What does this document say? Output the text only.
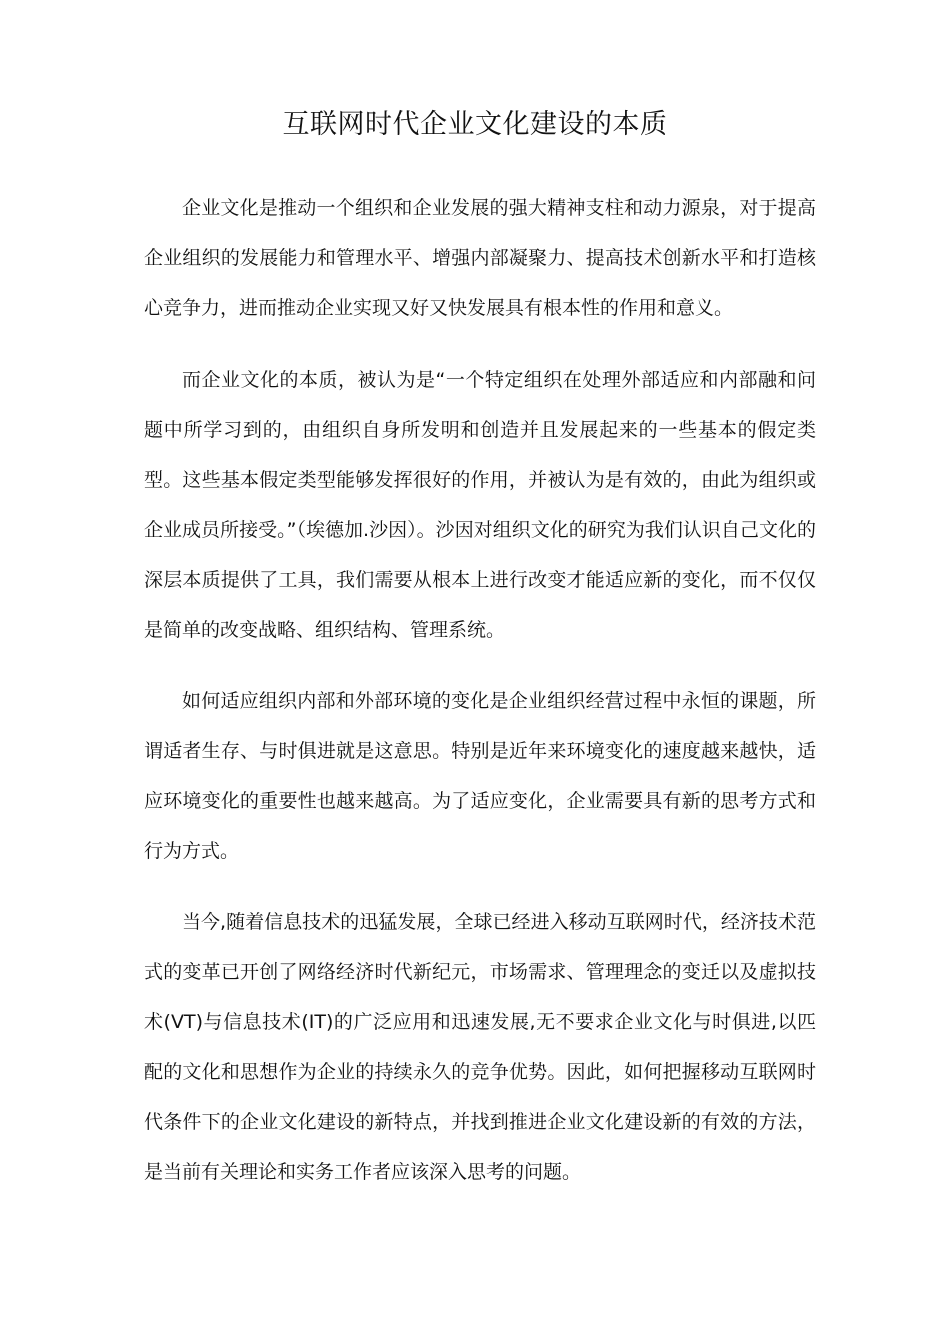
互联网时代企业文化建设的本质

企业文化是推动一个组织和企业发展的强大精神支柱和动力源泉，对于提高企业组织的发展能力和管理水平、增强内部凝聚力、提高技术创新水平和打造核心竞争力，进而推动企业实现又好又快发展具有根本性的作用和意义。

而企业文化的本质，被认为是“一个特定组织在处理外部适应和内部融和问题中所学习到的，由组织自身所发明和创造并且发展起来的一些基本的假定类型。这些基本假定类型能够发挥很好的作用，并被认为是有效的，由此为组织或企业成员所接受。”（埃德加.沙因）。沙因对组织文化的研究为我们认识自己文化的深层本质提供了工具，我们需要从根本上进行改变才能适应新的变化，而不仅仅是简单的改变战略、组织结构、管理系统。

如何适应组织内部和外部环境的变化是企业组织经营过程中永恒的课题，所谓适者生存、与时俱进就是这意思。特别是近年来环境变化的速度越来越快，适应环境变化的重要性也越来越高。为了适应变化，企业需要具有新的思考方式和行为方式。

当今,随着信息技术的迅猛发展，全球已经进入移动互联网时代，经济技术范式的变革已开创了网络经济时代新纪元，市场需求、管理理念的变迁以及虚拟技术(VT)与信息技术(IT)的广泛应用和迅速发展,无不要求企业文化与时俱进,以匹配的文化和思想作为企业的持续永久的竞争优势。因此，如何把握移动互联网时代条件下的企业文化建设的新特点，并找到推进企业文化建设新的有效的方法，是当前有关理论和实务工作者应该深入思考的问题。
